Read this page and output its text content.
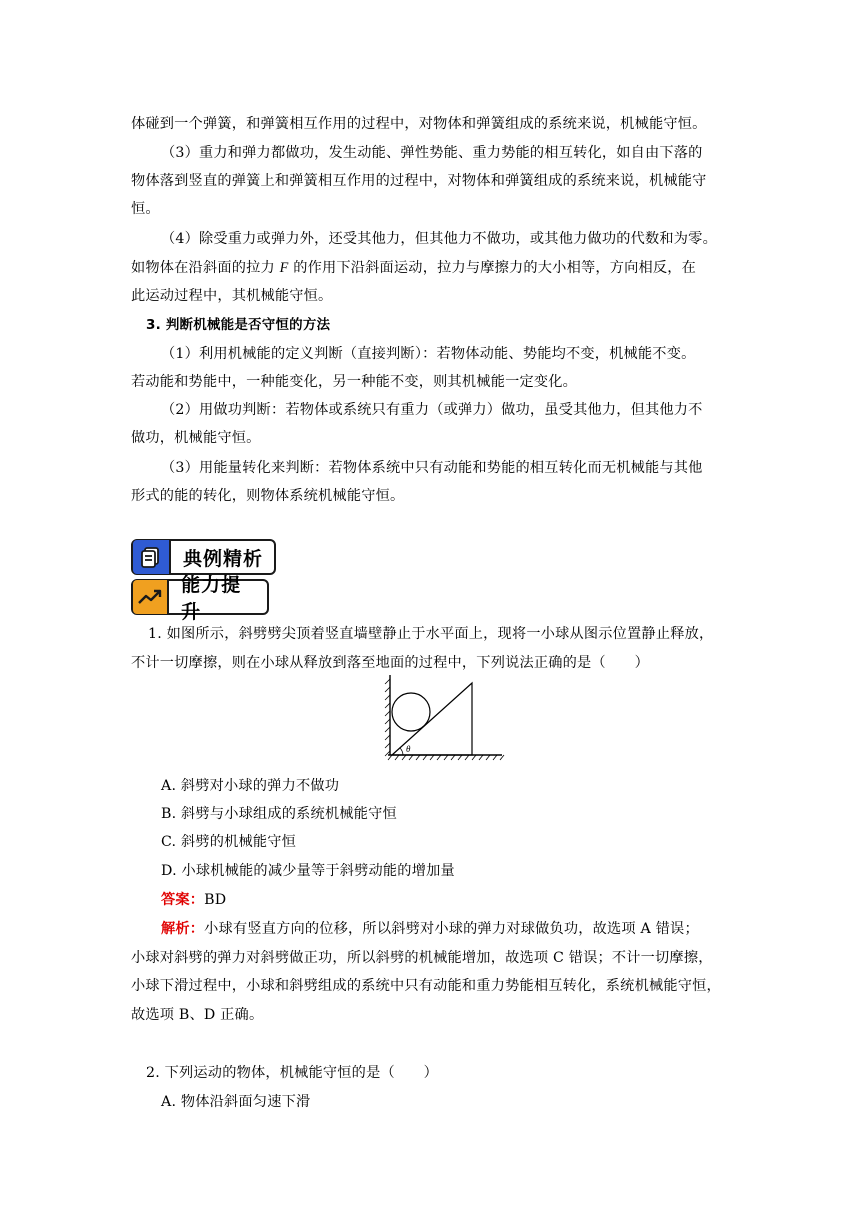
体碰到一个弹簧，和弹簧相互作用的过程中，对物体和弹簧组成的系统来说，机械能守恒。
（3）重力和弹力都做功，发生动能、弹性势能、重力势能的相互转化，如自由下落的
物体落到竖直的弹簧上和弹簧相互作用的过程中，对物体和弹簧组成的系统来说，机械能守
恒。
（4）除受重力或弹力外，还受其他力，但其他力不做功，或其他力做功的代数和为零。
如物体在沿斜面的拉力 F 的作用下沿斜面运动，拉力与摩擦力的大小相等，方向相反，在
此运动过程中，其机械能守恒。
3. 判断机械能是否守恒的方法
（1）利用机械能的定义判断（直接判断）：若物体动能、势能均不变，机械能不变。
若动能和势能中，一种能变化，另一种能不变，则其机械能一定变化。
（2）用做功判断：若物体或系统只有重力（或弹力）做功，虽受其他力，但其他力不
做功，机械能守恒。
（3）用能量转化来判断：若物体系统中只有动能和势能的相互转化而无机械能与其他
形式的能的转化，则物体系统机械能守恒。
典例精析
能力提升
1. 如图所示，斜劈劈尖顶着竖直墙壁静止于水平面上，现将一小球从图示位置静止释放，
不计一切摩擦，则在小球从释放到落至地面的过程中，下列说法正确的是（　　）
θ
A. 斜劈对小球的弹力不做功
B. 斜劈与小球组成的系统机械能守恒
C. 斜劈的机械能守恒
D. 小球机械能的减少量等于斜劈动能的增加量
答案：BD
解析：小球有竖直方向的位移，所以斜劈对小球的弹力对球做负功，故选项 A 错误；
小球对斜劈的弹力对斜劈做正功，所以斜劈的机械能增加，故选项 C 错误；不计一切摩擦，
小球下滑过程中，小球和斜劈组成的系统中只有动能和重力势能相互转化，系统机械能守恒，
故选项 B、D 正确。
2. 下列运动的物体，机械能守恒的是（　　）
A. 物体沿斜面匀速下滑
